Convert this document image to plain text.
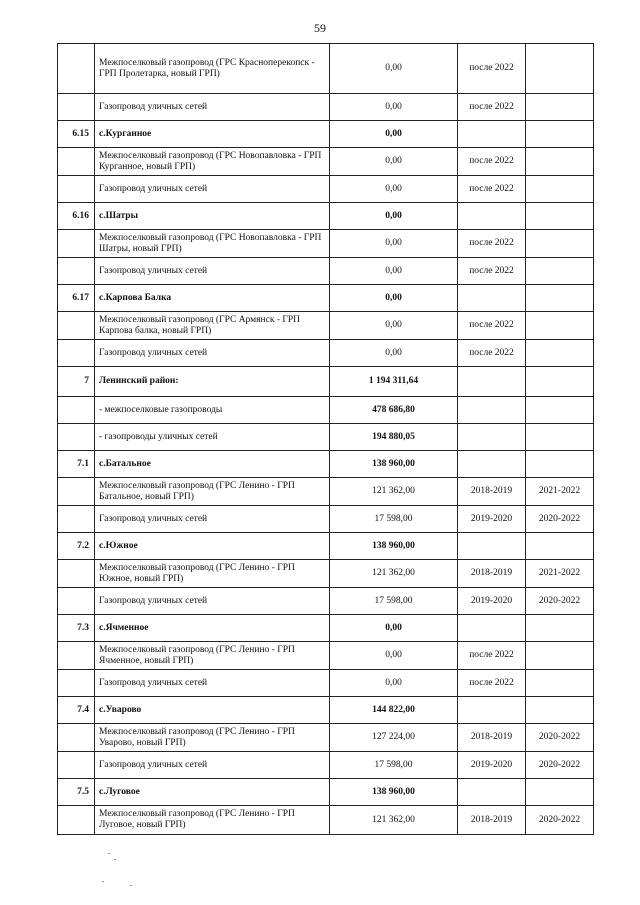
59
	Межпоселковый газопровод (ГРС Красноперекопск - ГРП Пролетарка, новый ГРП)	0,00	после 2022	
	Газопровод уличных сетей	0,00	после 2022	
6.15	с.Курганное	0,00		
	Межпоселковый газопровод (ГРС Новопавловка - ГРП Курганное, новый ГРП)	0,00	после 2022	
	Газопровод уличных сетей	0,00	после 2022	
6.16	с.Шатры	0,00		
	Межпоселковый газопровод (ГРС Новопавловка - ГРП Шатры, новый ГРП)	0,00	после 2022	
	Газопровод уличных сетей	0,00	после 2022	
6.17	с.Карпова Балка	0,00		
	Межпоселковый газопровод (ГРС Армянск - ГРП Карпова балка, новый ГРП)	0,00	после 2022	
	Газопровод уличных сетей	0,00	после 2022	
7	Ленинский район:	1 194 311,64		
	- межпоселковые газопроводы	478 686,80		
	- газопроводы уличных сетей	194 880,05		
7.1	с.Батальное	138 960,00		
	Межпоселковый газопровод (ГРС Ленино - ГРП Батальное, новый ГРП)	121 362,00	2018-2019	2021-2022
	Газопровод уличных сетей	17 598,00	2019-2020	2020-2022
7.2	с.Южное	138 960,00		
	Межпоселковый газопровод (ГРС Ленино - ГРП Южное, новый ГРП)	121 362,00	2018-2019	2021-2022
	Газопровод уличных сетей	17 598,00	2019-2020	2020-2022
7.3	с.Ячменное	0,00		
	Межпоселковый газопровод (ГРС Ленино - ГРП Ячменное, новый ГРП)	0,00	после 2022	
	Газопровод уличных сетей	0,00	после 2022	
7.4	с.Уварово	144 822,00		
	Межпоселковый газопровод (ГРС Ленино - ГРП Уварово, новый ГРП)	127 224,00	2018-2019	2020-2022
	Газопровод уличных сетей	17 598,00	2019-2020	2020-2022
7.5	с.Луговое	138 960,00		
	Межпоселковый газопровод (ГРС Ленино - ГРП Луговое, новый ГРП)	121 362,00	2018-2019	2020-2022
